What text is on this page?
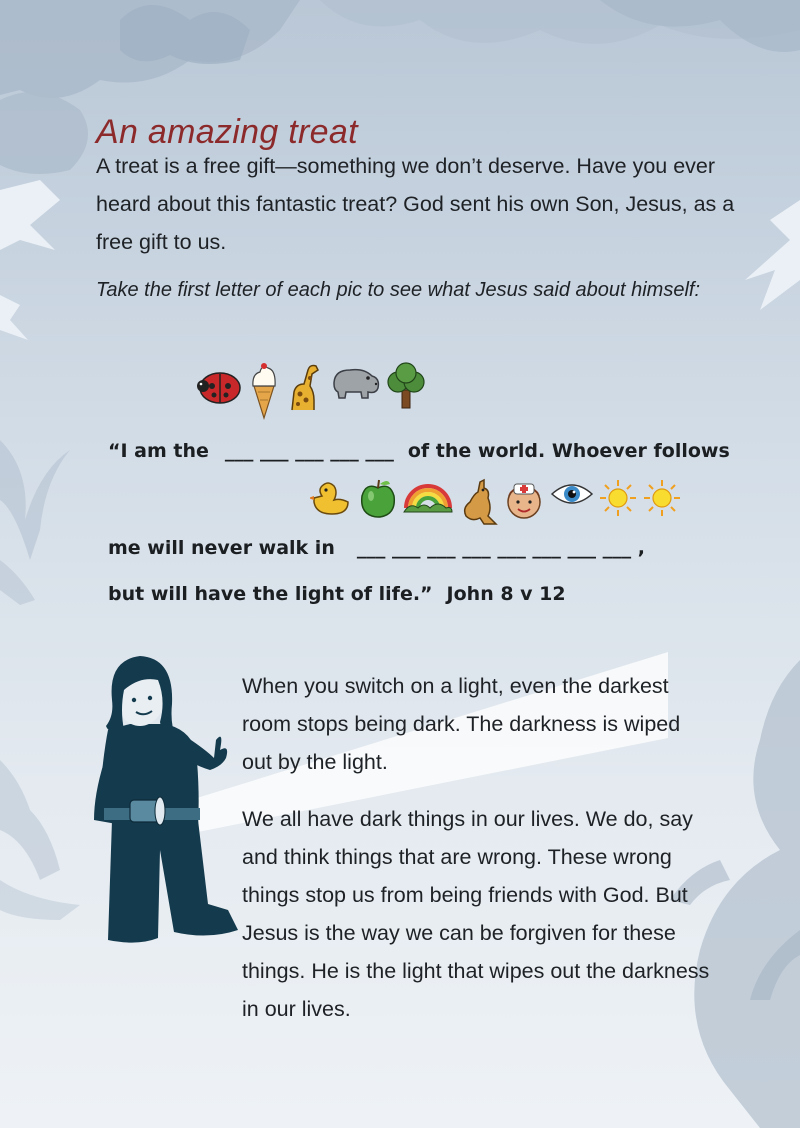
An amazing treat

A treat is a free gift—something we don’t deserve. Have you ever heard about this fantastic treat? God sent his own Son, Jesus, as a free gift to us.

Take the first letter of each pic to see what Jesus said about himself:

“I am the ___ ___ ___ ___ ___ of the world. Whoever follows
me will never walk in ___ ___ ___ ___ ___ ___ ___ ___ ,
but will have the light of life.” John 8 v 12

When you switch on a light, even the darkest room stops being dark. The darkness is wiped out by the light.

We all have dark things in our lives. We do, say and think things that are wrong. These wrong things stop us from being friends with God. But Jesus is the way we can be forgiven for these things. He is the light that wipes out the darkness in our lives.
